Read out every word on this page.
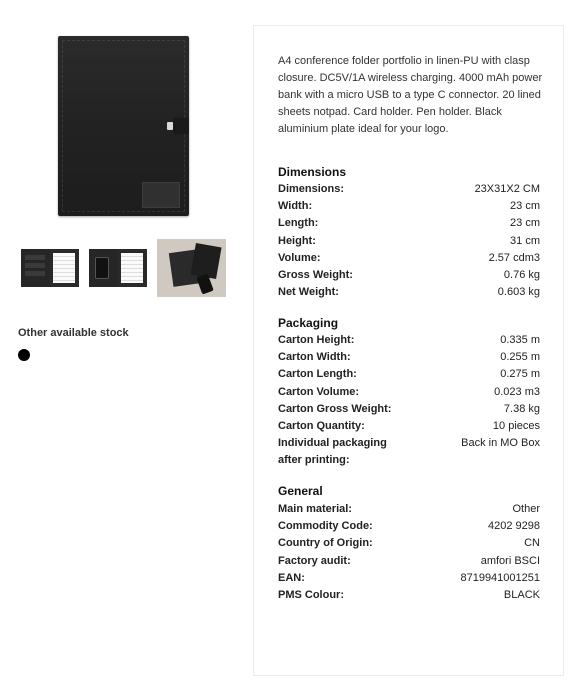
Other available stock
A4 conference folder portfolio in linen-PU with clasp closure. DC5V/1A wireless charging. 4000 mAh power bank with a micro USB to a type C connector. 20 lined sheets notpad. Card holder. Pen holder. Black aluminium plate ideal for your logo.
Dimensions
Dimensions:	23X31X2 CM
Width:	23 cm
Length:	23 cm
Height:	31 cm
Volume:	2.57 cdm3
Gross Weight:	0.76 kg
Net Weight:	0.603 kg
Packaging
Carton Height:	0.335 m
Carton Width:	0.255 m
Carton Length:	0.275 m
Carton Volume:	0.023 m3
Carton Gross Weight:	7.38 kg
Carton Quantity:	10 pieces
Individual packaging after printing:
Back in MO Box
General
Main material:	Other
Commodity Code:	4202 9298
Country of Origin:	CN
Factory audit:	amfori BSCI
EAN:	8719941001251
PMS Colour:	BLACK
